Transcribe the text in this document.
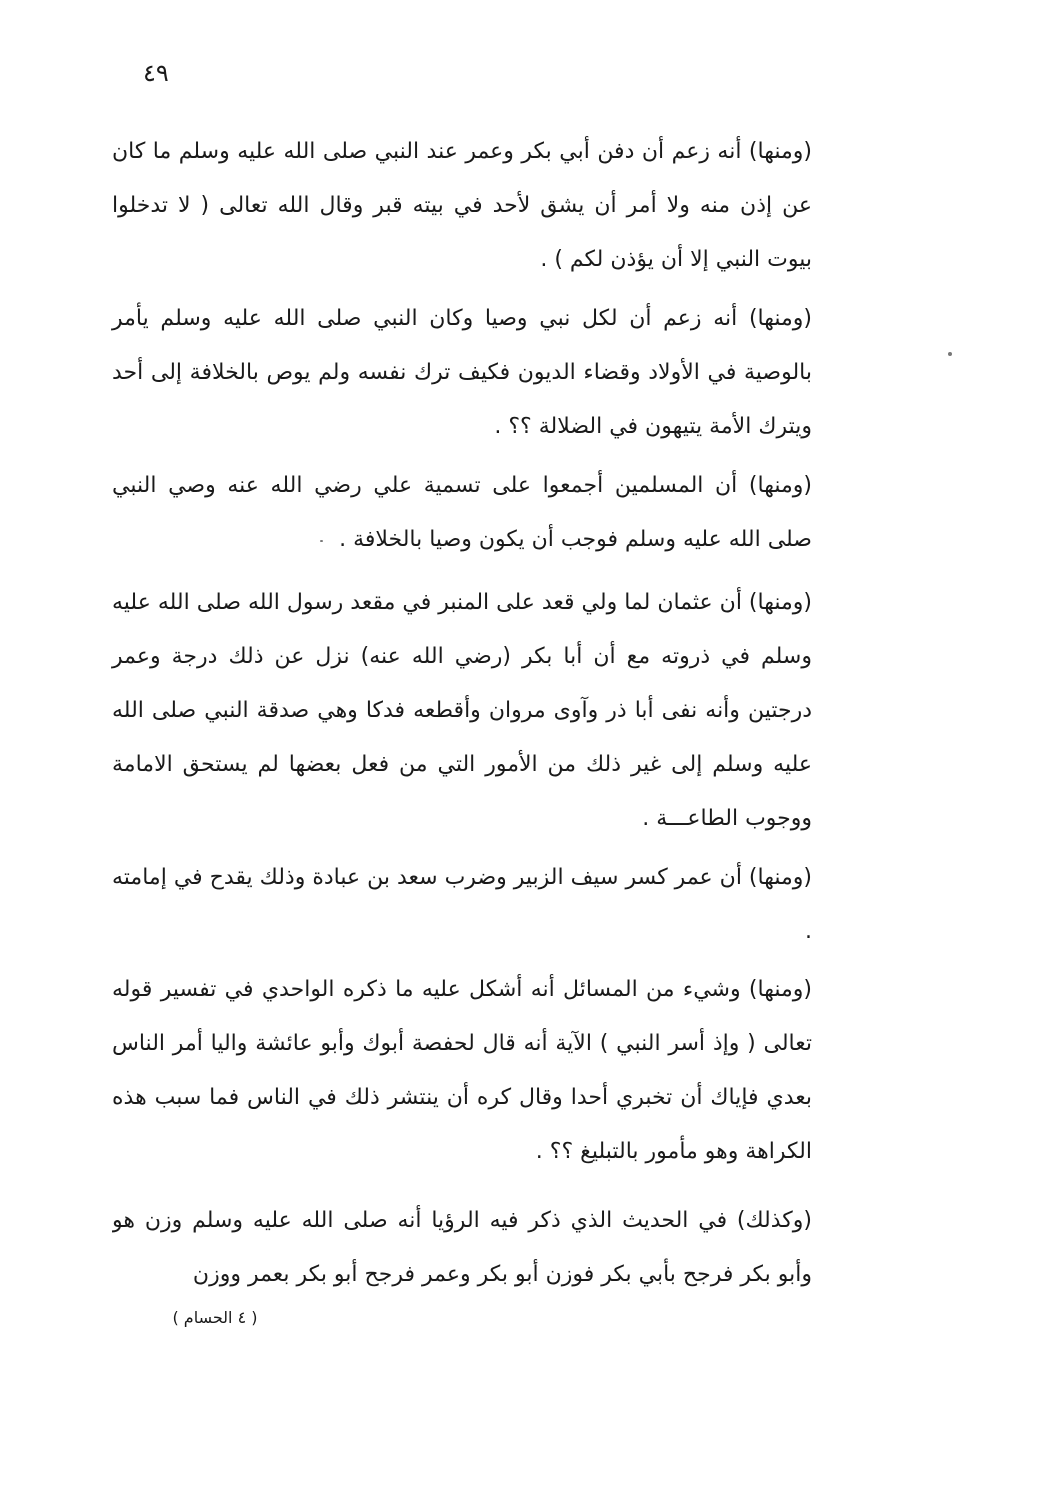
٤٩

(ومنها) أنه زعم أن دفن أبي بكر وعمر عند النبي صلى الله عليه وسلم ما كان عن إذن منه ولا أمر أن يشق لأحد في بيته قبر وقال الله تعالى ( لا تدخلوا بيوت النبي إلا أن يؤذن لكم ) .

(ومنها) أنه زعم أن لكل نبي وصيا وكان النبي صلى الله عليه وسلم يأمر بالوصية في الأولاد وقضاء الديون فكيف ترك نفسه ولم يوص بالخلافة إلى أحد ويترك الأمة يتيهون في الضلالة ؟؟ .

(ومنها) أن المسلمين أجمعوا على تسمية علي رضي الله عنه وصي النبي صلى الله عليه وسلم فوجب أن يكون وصيا بالخلافة .

(ومنها) أن عثمان لما ولي قعد على المنبر في مقعد رسول الله صلى الله عليه وسلم في ذروته مع أن أبا بكر (رضي الله عنه) نزل عن ذلك درجة وعمر درجتين وأنه نفى أبا ذر وآوى مروان وأقطعه فدكا وهي صدقة النبي صلى الله عليه وسلم إلى غير ذلك من الأمور التي من فعل بعضها لم يستحق الامامة ووجوب الطاعـــة .

(ومنها) أن عمر كسر سيف الزبير وضرب سعد بن عبادة وذلك يقدح في إمامته .

(ومنها) وشيء من المسائل أنه أشكل عليه ما ذكره الواحدي في تفسير قوله تعالى ( وإذ أسر النبي ) الآية أنه قال لحفصة أبوك وأبو عائشة واليا أمر الناس بعدي فإياك أن تخبري أحدا وقال كره أن ينتشر ذلك في الناس فما سبب هذه الكراهة وهو مأمور بالتبليغ ؟؟ .

(وكذلك) في الحديث الذي ذكر فيه الرؤيا أنه صلى الله عليه وسلم وزن هو وأبو بكر فرجح بأبي بكر فوزن أبو بكر وعمر فرجح أبو بكر بعمر ووزن

( ٤ الحسام )
